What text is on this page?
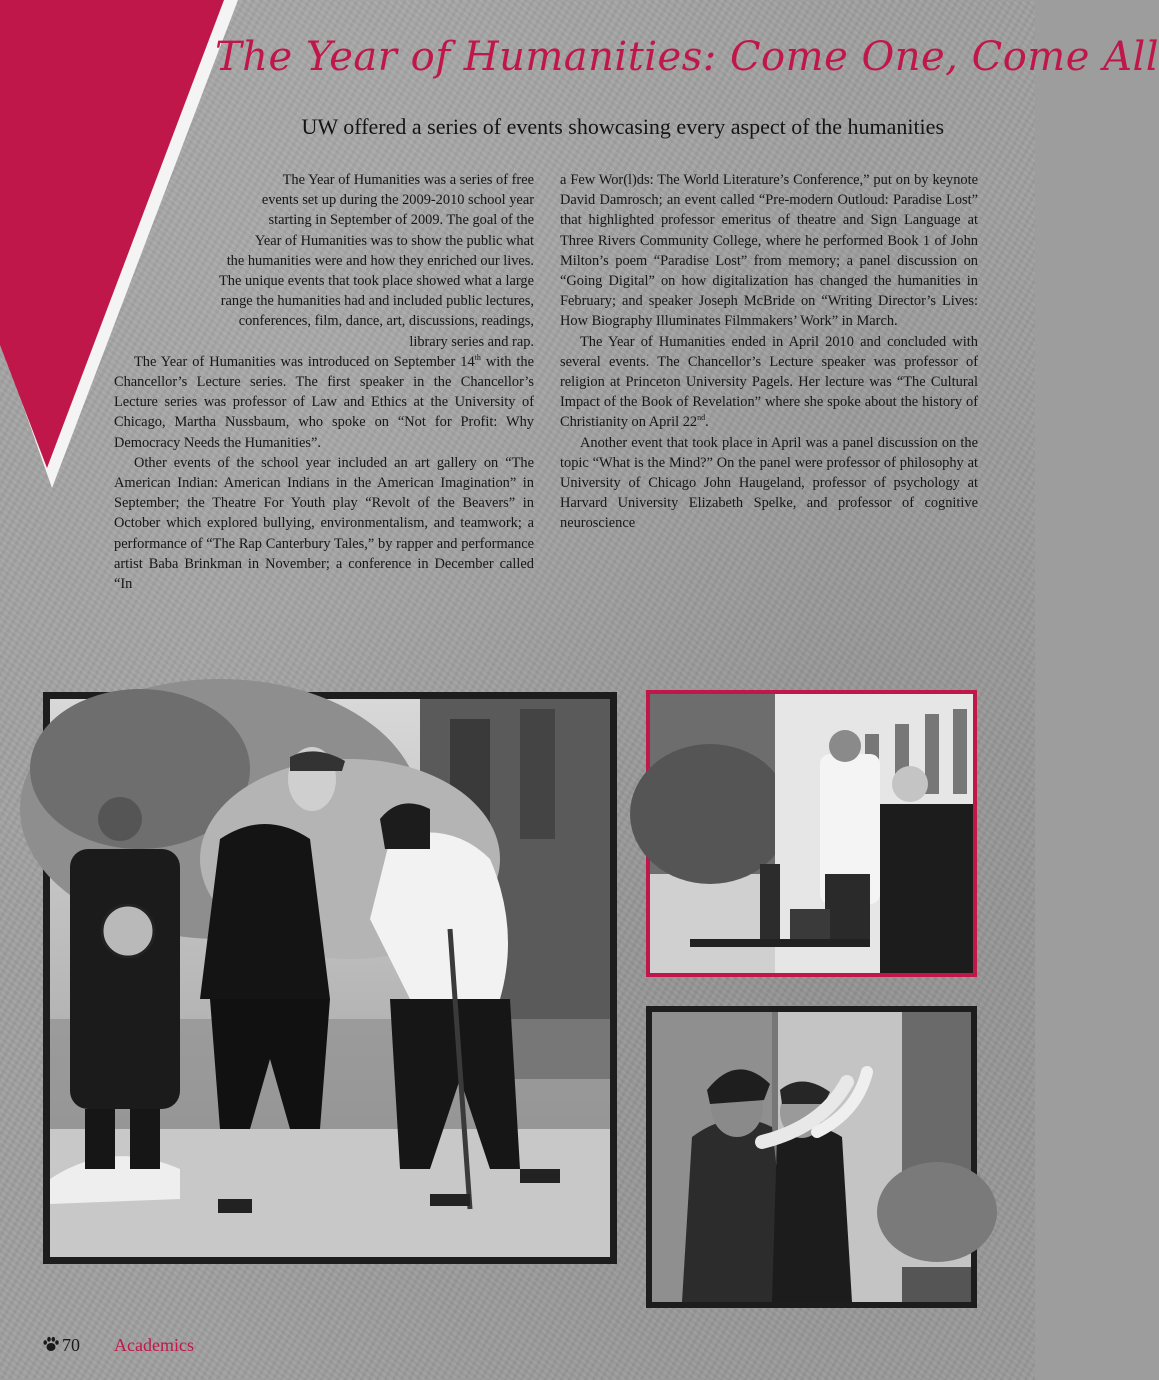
The Year of Humanities: Come One, Come All
UW offered a series of events showcasing every aspect of the humanities

The Year of Humanities was a series of free
events set up during the 2009-2010 school year
starting in September of 2009. The goal of the
Year of Humanities was to show the public what
the humanities were and how they enriched our lives.
The unique events that took place showed what a large
range the humanities had and included public lectures,
conferences, film, dance, art, discussions, readings,
library series and rap.

The Year of Humanities was introduced on September 14th with the Chancellor’s Lecture series. The first speaker in the Chancellor’s Lecture series was professor of Law and Ethics at the University of Chicago, Martha Nussbaum, who spoke on “Not for Profit: Why Democracy Needs the Humanities”.

Other events of the school year included an art gallery on “The American Indian: American Indians in the American Imagination” in September; the Theatre For Youth play “Revolt of the Beavers” in October which explored bullying, environmentalism, and teamwork; a performance of “The Rap Canterbury Tales,” by rapper and performance artist Baba Brinkman in November; a conference in December called “In

a Few Wor(l)ds: The World Literature’s Conference,” put on by keynote David Damrosch; an event called “Pre-modern Outloud: Paradise Lost” that highlighted professor emeritus of theatre and Sign Language at Three Rivers Community College, where he performed Book 1 of John Milton’s poem “Paradise Lost” from memory; a panel discussion on “Going Digital” on how digitalization has changed the humanities in February; and speaker Joseph McBride on “Writing Director’s Lives: How Biography Illuminates Filmmakers’ Work” in March.

The Year of Humanities ended in April 2010 and concluded with several events. The Chancellor’s Lecture speaker was professor of religion at Princeton University Pagels. Her lecture was “The Cultural Impact of the Book of Revelation” where she spoke about the history of Christianity on April 22nd.

Another event that took place in April was a panel discussion on the topic “What is the Mind?” On the panel were professor of philosophy at University of Chicago John Haugeland, professor of psychology at Harvard University Elizabeth Spelke, and professor of cognitive neuroscience

70 Academics
